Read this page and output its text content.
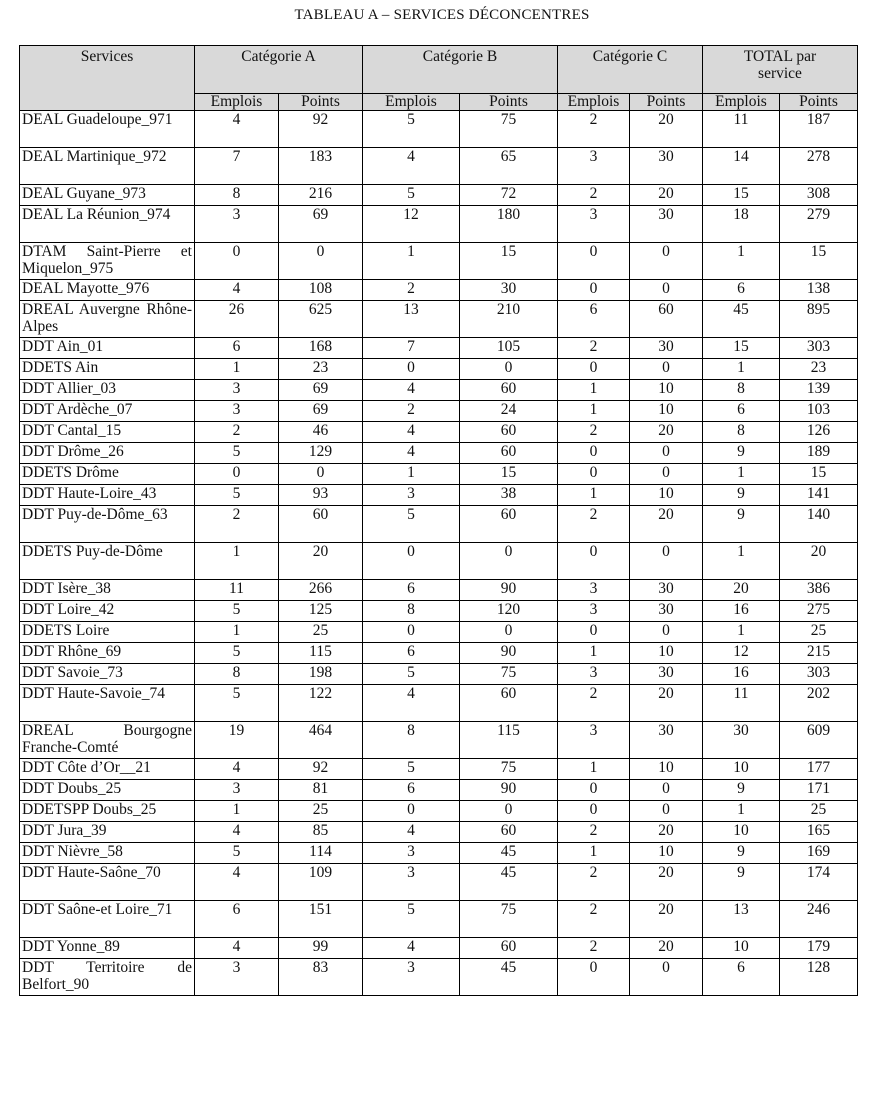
TABLEAU A – SERVICES DÉCONCENTRES
Services	Catégorie A		Catégorie B		Catégorie C		TOTAL par service	
	Emplois	Points	Emplois	Points	Emplois	Points	Emplois	Points
DEAL Guadeloupe_971	4	92	5	75	2	20	11	187
DEAL Martinique_972	7	183	4	65	3	30	14	278
DEAL Guyane_973	8	216	5	72	2	20	15	308
DEAL La Réunion_974	3	69	12	180	3	30	18	279
DTAM Saint-Pierre et Miquelon_975	0	0	1	15	0	0	1	15
DEAL Mayotte_976	4	108	2	30	0	0	6	138
DREAL Auvergne Rhône-Alpes	26	625	13	210	6	60	45	895
DDT Ain_01	6	168	7	105	2	30	15	303
DDETS Ain	1	23	0	0	0	0	1	23
DDT Allier_03	3	69	4	60	1	10	8	139
DDT Ardèche_07	3	69	2	24	1	10	6	103
DDT Cantal_15	2	46	4	60	2	20	8	126
DDT Drôme_26	5	129	4	60	0	0	9	189
DDETS Drôme	0	0	1	15	0	0	1	15
DDT Haute-Loire_43	5	93	3	38	1	10	9	141
DDT Puy-de-Dôme_63	2	60	5	60	2	20	9	140
DDETS Puy-de-Dôme	1	20	0	0	0	0	1	20
DDT Isère_38	11	266	6	90	3	30	20	386
DDT Loire_42	5	125	8	120	3	30	16	275
DDETS Loire	1	25	0	0	0	0	1	25
DDT Rhône_69	5	115	6	90	1	10	12	215
DDT Savoie_73	8	198	5	75	3	30	16	303
DDT Haute-Savoie_74	5	122	4	60	2	20	11	202
DREAL Bourgogne Franche-Comté	19	464	8	115	3	30	30	609
DDT Côte d’Or__21	4	92	5	75	1	10	10	177
DDT Doubs_25	3	81	6	90	0	0	9	171
DDETSPP Doubs_25	1	25	0	0	0	0	1	25
DDT Jura_39	4	85	4	60	2	20	10	165
DDT Nièvre_58	5	114	3	45	1	10	9	169
DDT Haute-Saône_70	4	109	3	45	2	20	9	174
DDT Saône-et Loire_71	6	151	5	75	2	20	13	246
DDT Yonne_89	4	99	4	60	2	20	10	179
DDT Territoire de Belfort_90	3	83	3	45	0	0	6	128
